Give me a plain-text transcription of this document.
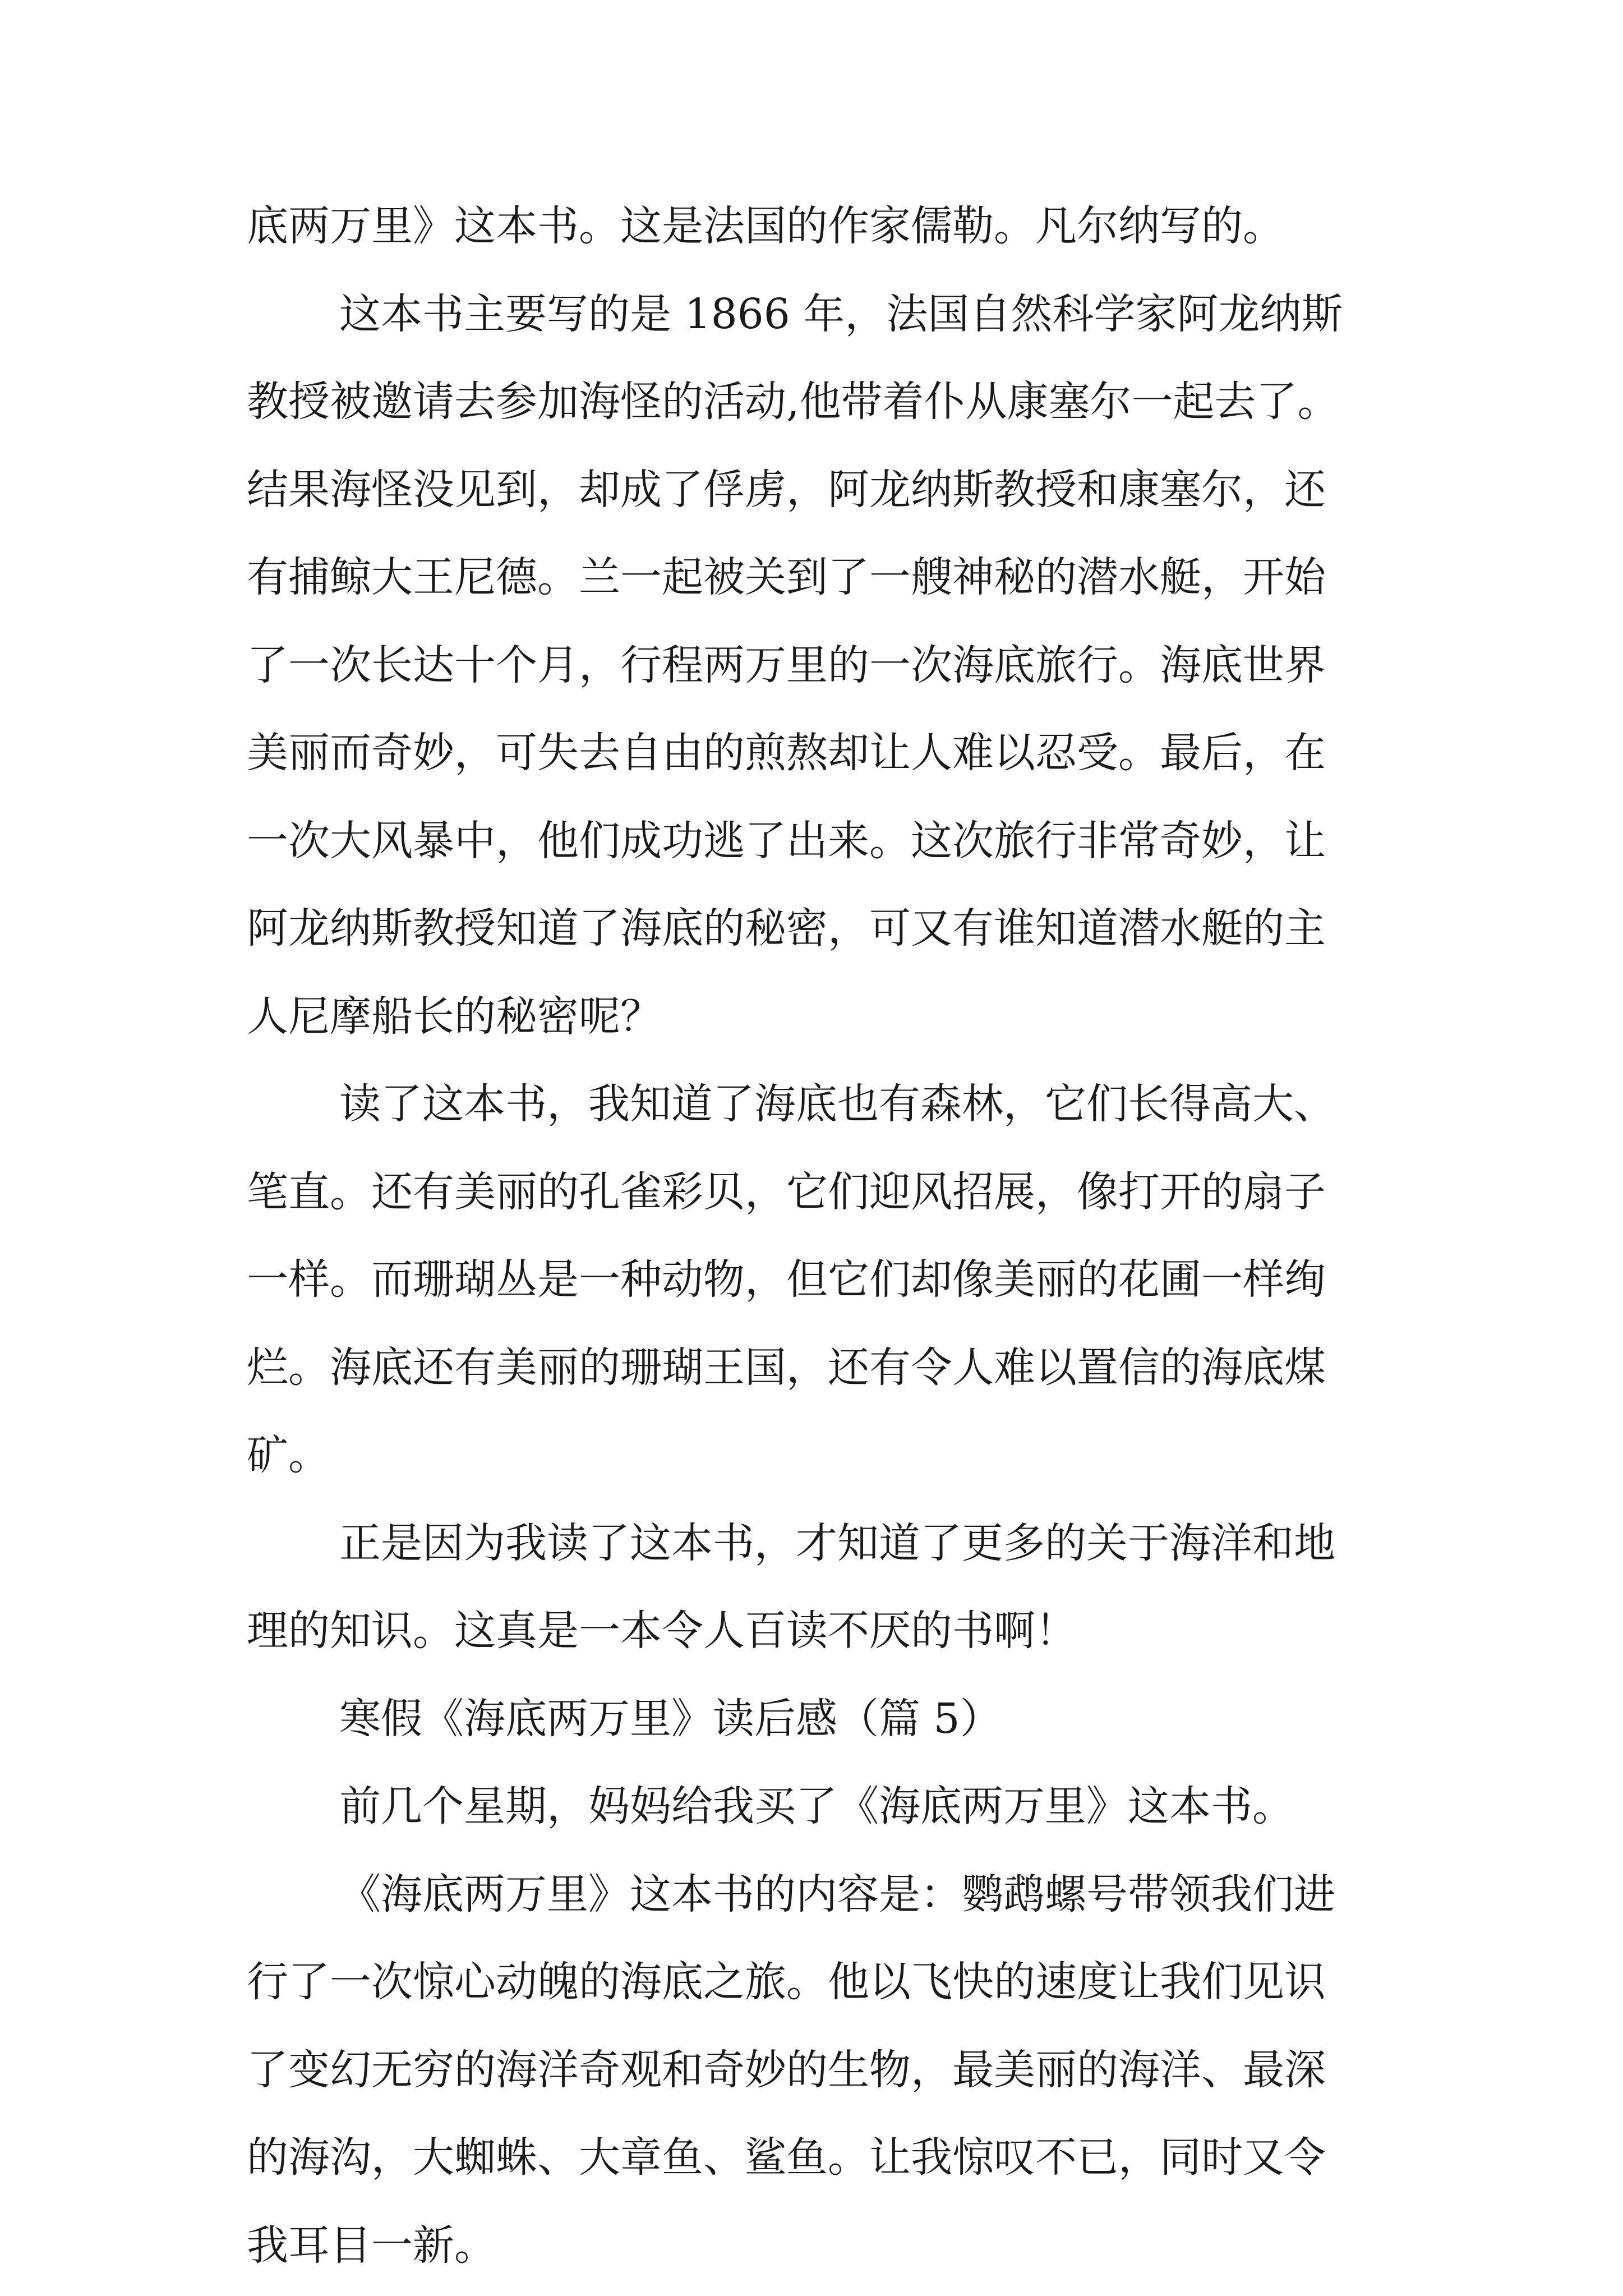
底两万里》这本书。这是法国的作家儒勒。凡尔纳写的。
这本书主要写的是 1866 年，法国自然科学家阿龙纳斯
教授被邀请去参加海怪的活动,他带着仆从康塞尔一起去了。
结果海怪没见到，却成了俘虏，阿龙纳斯教授和康塞尔，还
有捕鲸大王尼德。兰一起被关到了一艘神秘的潜水艇，开始
了一次长达十个月，行程两万里的一次海底旅行。海底世界
美丽而奇妙，可失去自由的煎熬却让人难以忍受。最后，在
一次大风暴中，他们成功逃了出来。这次旅行非常奇妙，让
阿龙纳斯教授知道了海底的秘密，可又有谁知道潜水艇的主
人尼摩船长的秘密呢？
读了这本书，我知道了海底也有森林，它们长得高大、
笔直。还有美丽的孔雀彩贝，它们迎风招展，像打开的扇子
一样。而珊瑚丛是一种动物，但它们却像美丽的花圃一样绚
烂。海底还有美丽的珊瑚王国，还有令人难以置信的海底煤
矿。
正是因为我读了这本书，才知道了更多的关于海洋和地
理的知识。这真是一本令人百读不厌的书啊！
寒假《海底两万里》读后感（篇 5）
前几个星期，妈妈给我买了《海底两万里》这本书。
《海底两万里》这本书的内容是：鹦鹉螺号带领我们进
行了一次惊心动魄的海底之旅。他以飞快的速度让我们见识
了变幻无穷的海洋奇观和奇妙的生物，最美丽的海洋、最深
的海沟，大蜘蛛、大章鱼、鲨鱼。让我惊叹不已，同时又令
我耳目一新。
